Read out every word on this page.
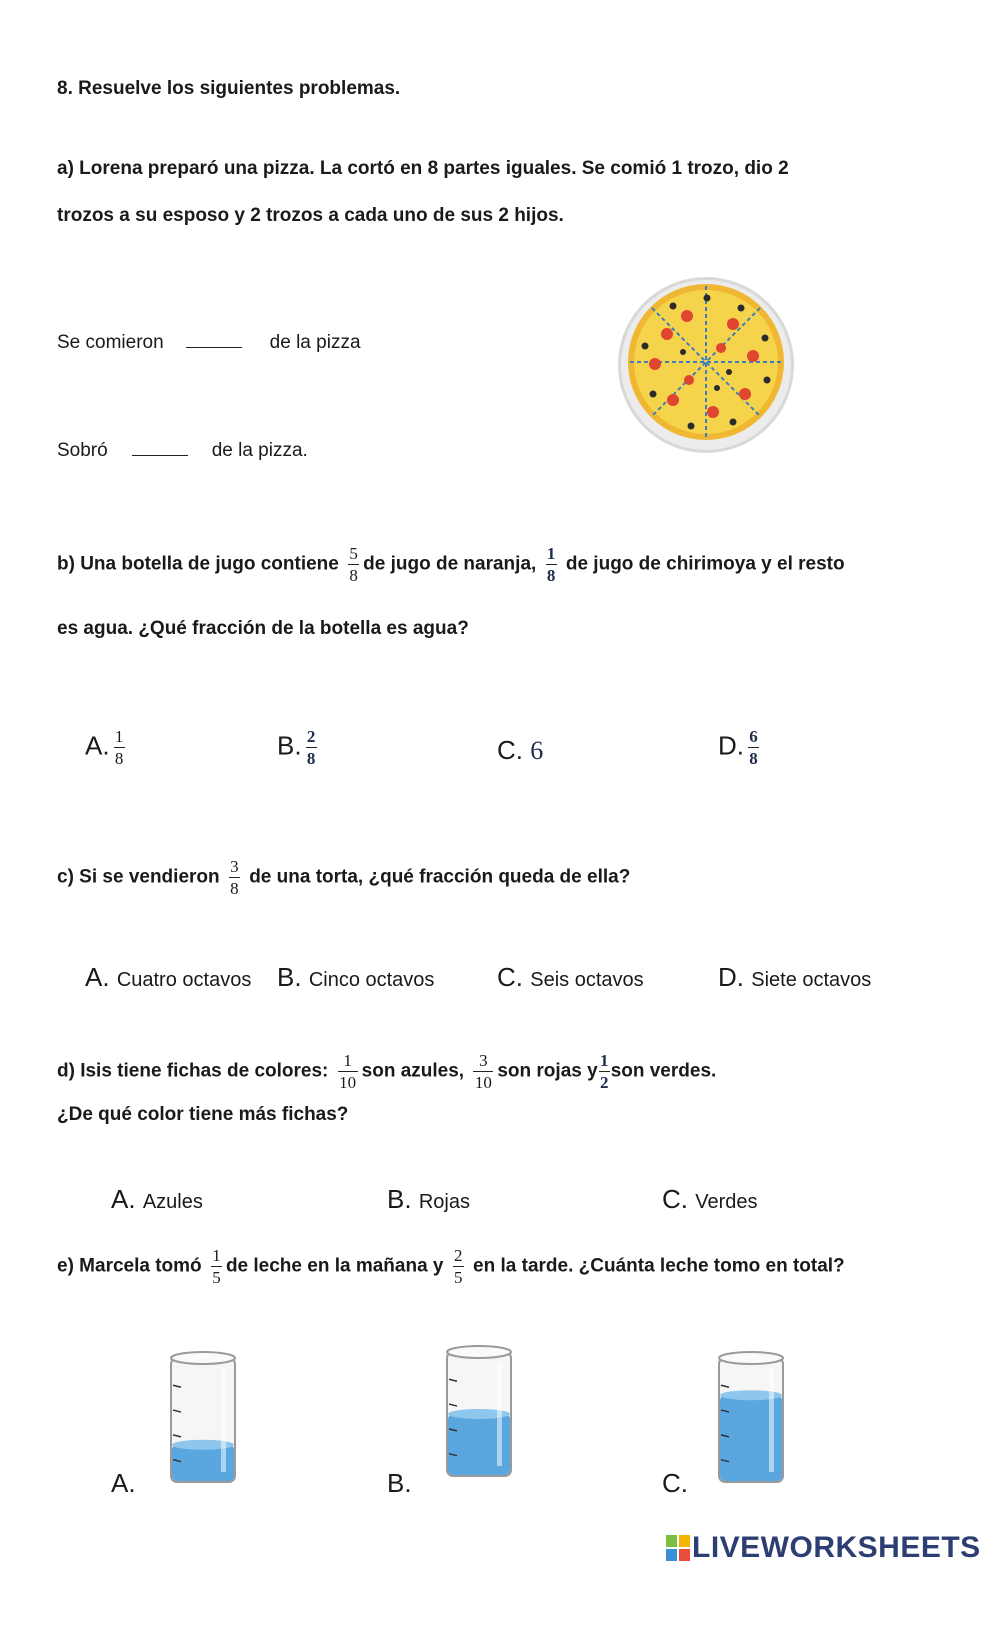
8. Resuelve los siguientes problemas.
a) Lorena preparó una pizza. La cortó en 8 partes iguales. Se comió 1 trozo, dio 2
trozos a su esposo y 2 trozos a cada uno de sus 2 hijos.
Se comieron	de la pizza
Sobró	de la pizza.
b) Una botella de jugo contiene $\frac{5}{8}$ de jugo de naranja, $\frac{1}{8}$ de jugo de chirimoya y el resto
es agua. ¿Qué fracción de la botella es agua?
A. $\frac{1}{8}$	B. $\frac{2}{8}$	C. 6	D. $\frac{6}{8}$
c) Si se vendieron $\frac{3}{8}$ de una torta, ¿qué fracción queda de ella?
A. Cuatro octavos B. Cinco octavos C. Seis octavos	D. Siete octavos
d) Isis tiene fichas de colores: $\frac{1}{10}$ son azules, $\frac{3}{10}$ son rojas y $\frac{1}{2}$ son verdes.
¿De qué color tiene más fichas?
A. Azules	B. Rojas	C. Verdes
e) Marcela tomó $\frac{1}{5}$ de leche en la mañana y $\frac{2}{5}$ en la tarde. ¿Cuánta leche tomo en total?
A.	B.	C.
LIVEWORKSHEETS
